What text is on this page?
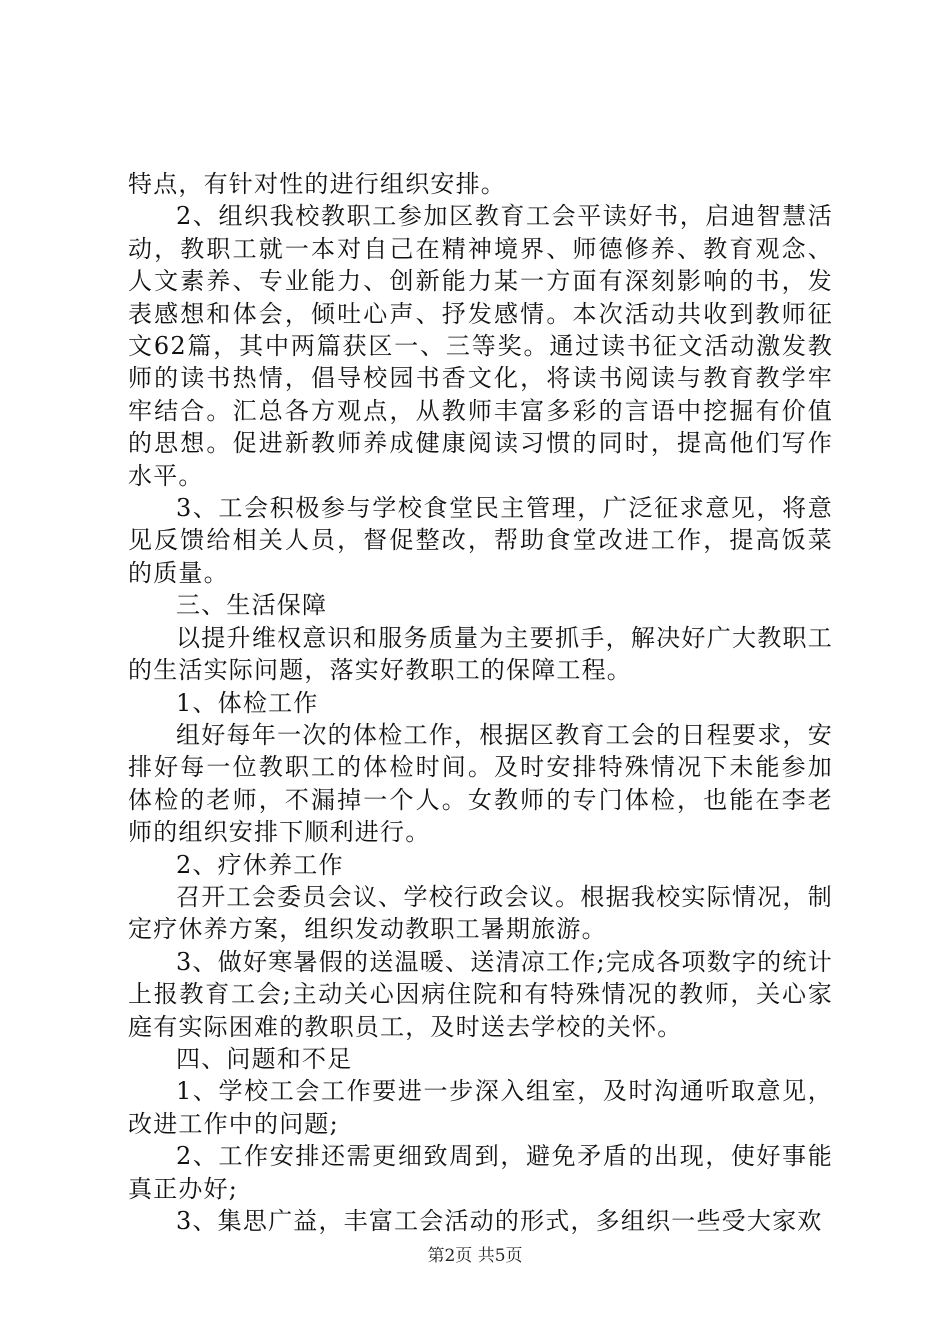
特点，有针对性的进行组织安排。

2、组织我校教职工参加区教育工会平读好书，启迪智慧活动，教职工就一本对自己在精神境界、师德修养、教育观念、人文素养、专业能力、创新能力某一方面有深刻影响的书，发表感想和体会，倾吐心声、抒发感情。本次活动共收到教师征文62篇，其中两篇获区一、三等奖。通过读书征文活动激发教师的读书热情，倡导校园书香文化，将读书阅读与教育教学牢牢结合。汇总各方观点，从教师丰富多彩的言语中挖掘有价值的思想。促进新教师养成健康阅读习惯的同时，提高他们写作水平。

3、工会积极参与学校食堂民主管理，广泛征求意见，将意见反馈给相关人员，督促整改，帮助食堂改进工作，提高饭菜的质量。

三、生活保障

以提升维权意识和服务质量为主要抓手，解决好广大教职工的生活实际问题，落实好教职工的保障工程。

1、体检工作

组好每年一次的体检工作，根据区教育工会的日程要求，安排好每一位教职工的体检时间。及时安排特殊情况下未能参加体检的老师，不漏掉一个人。女教师的专门体检，也能在李老师的组织安排下顺利进行。

2、疗休养工作

召开工会委员会议、学校行政会议。根据我校实际情况，制定疗休养方案，组织发动教职工暑期旅游。

3、做好寒暑假的送温暖、送清凉工作;完成各项数字的统计上报教育工会;主动关心因病住院和有特殊情况的教师，关心家庭有实际困难的教职员工，及时送去学校的关怀。

四、问题和不足

1、学校工会工作要进一步深入组室，及时沟通听取意见，改进工作中的问题;

2、工作安排还需更细致周到，避免矛盾的出现，使好事能真正办好;

3、集思广益，丰富工会活动的形式，多组织一些受大家欢

第2页 共5页
